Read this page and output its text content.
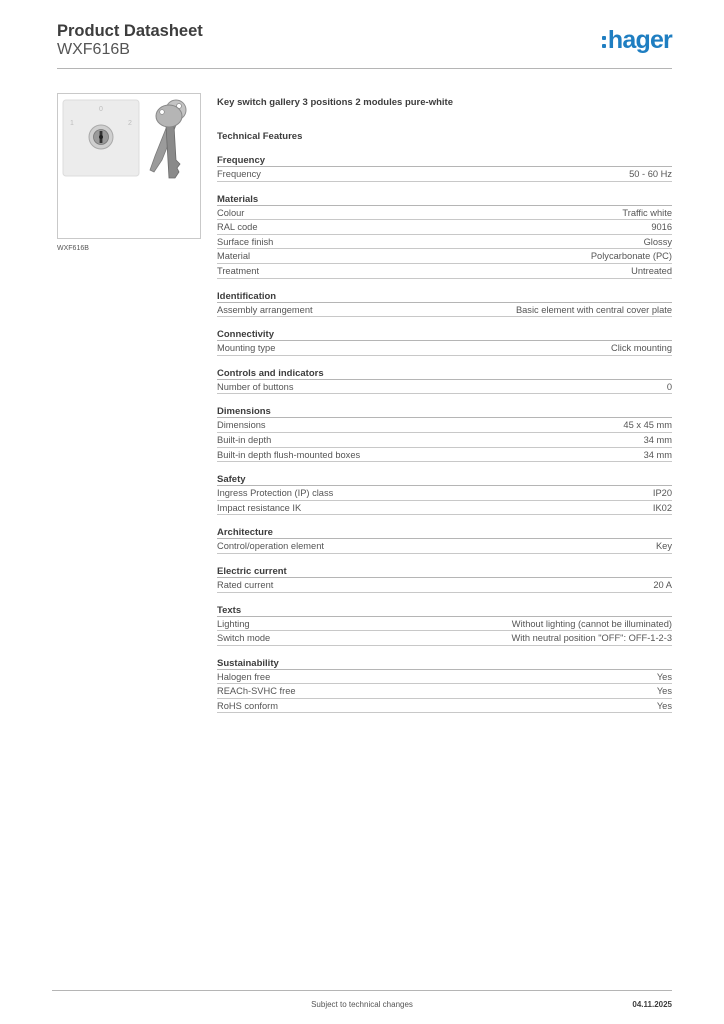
Product Datasheet
WXF616B	hager
0
1	2
WXF616B
Key switch gallery 3 positions 2 modules pure-white
Technical Features
Frequency
Frequency	50 - 60 Hz
Materials
Colour	Traffic white
RAL code	9016
Surface finish	Glossy
Material	Polycarbonate (PC)
Treatment	Untreated
Identification
Assembly arrangement	Basic element with central cover plate
Connectivity
Mounting type	Click mounting
Controls and indicators
Number of buttons	0
Dimensions
Dimensions	45 x 45 mm
Built-in depth	34 mm
Built-in depth flush-mounted boxes	34 mm
Safety
Ingress Protection (IP) class	IP20
Impact resistance IK	IK02
Architecture
Control/operation element	Key
Electric current
Rated current	20 A
Texts
Lighting	Without lighting (cannot be illuminated)
Switch mode	With neutral position "OFF": OFF-1-2-3
Sustainability
Halogen free	Yes
REACh-SVHC free	Yes
RoHS conform	Yes
Subject to technical changes	04.11.2025
